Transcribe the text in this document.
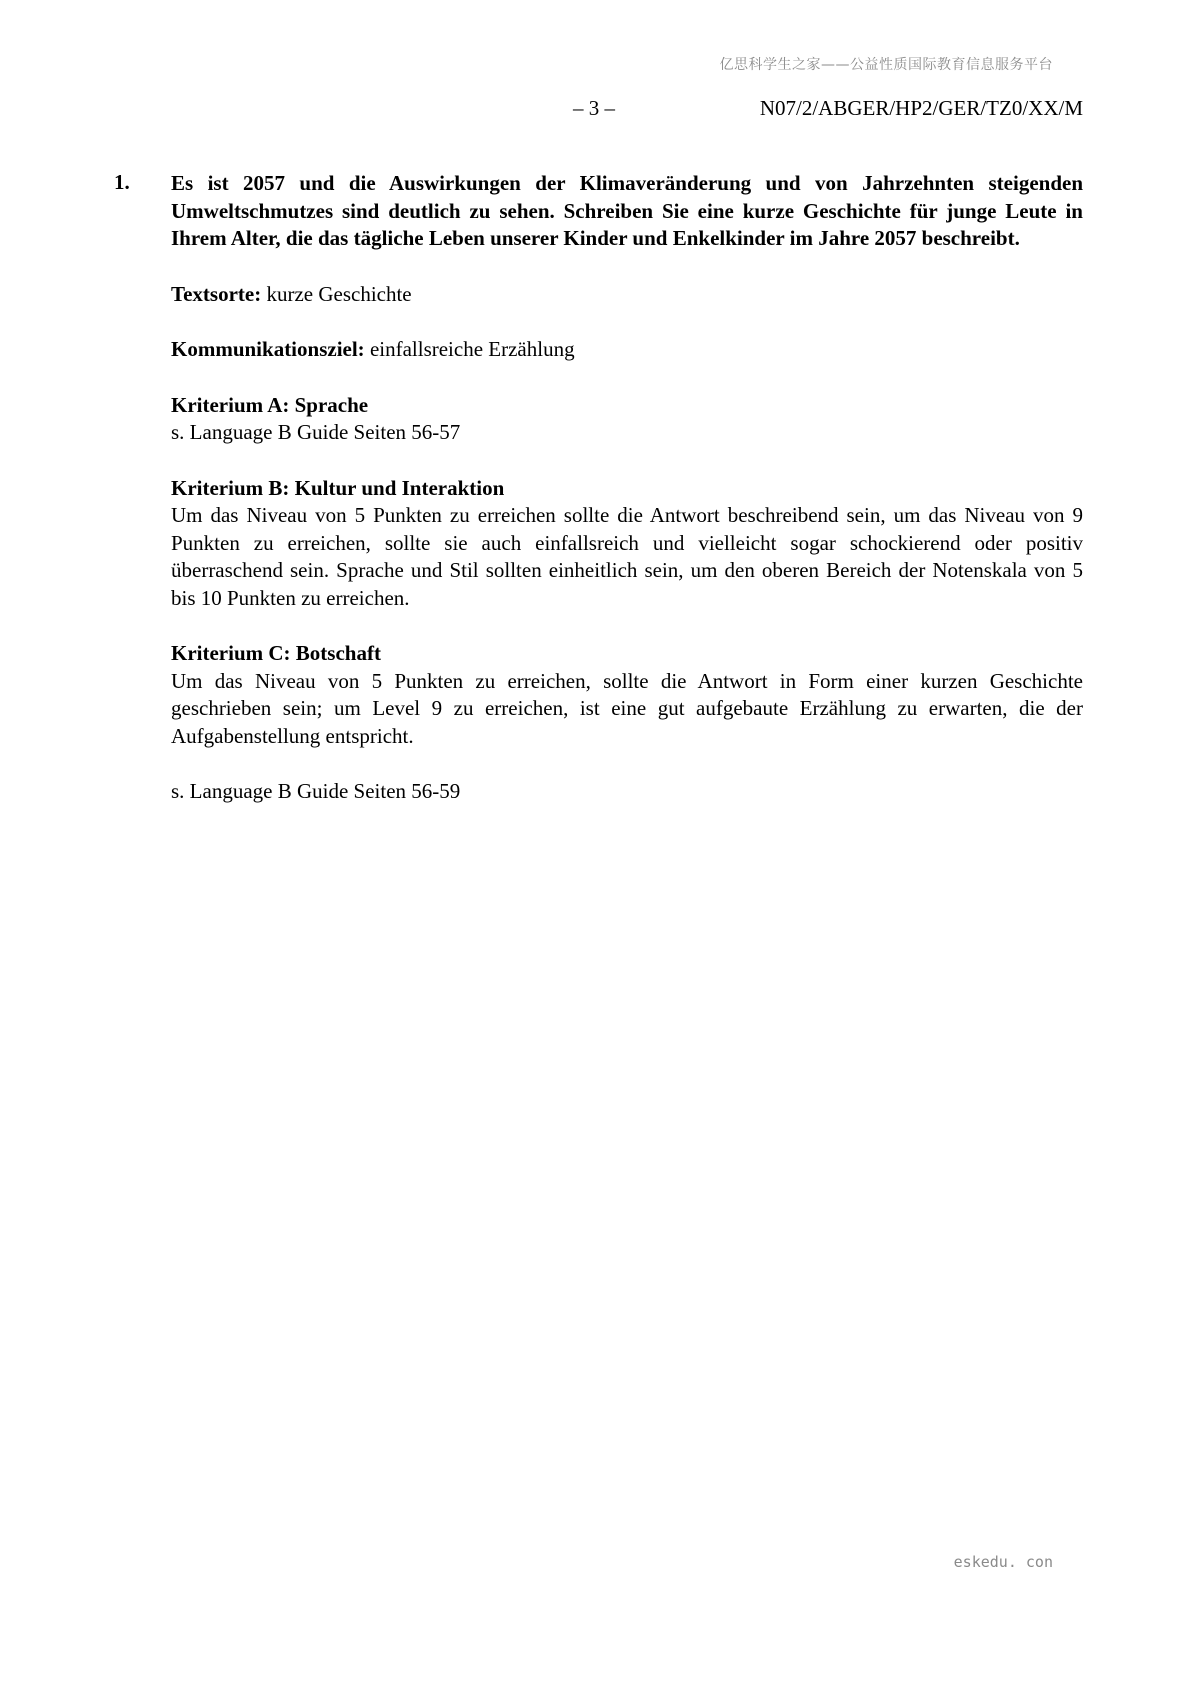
亿思科学生之家——公益性质国际教育信息服务平台
– 3 –	N07/2/ABGER/HP2/GER/TZ0/XX/M
1. Es ist 2057 und die Auswirkungen der Klimaveränderung und von Jahrzehnten steigenden Umweltschmutzes sind deutlich zu sehen. Schreiben Sie eine kurze Geschichte für junge Leute in Ihrem Alter, die das tägliche Leben unserer Kinder und Enkelkinder im Jahre 2057 beschreibt.

Textsorte: kurze Geschichte

Kommunikationsziel: einfallsreiche Erzählung

Kriterium A: Sprache

s. Language B Guide Seiten 56-57

Kriterium B: Kultur und Interaktion

Um das Niveau von 5 Punkten zu erreichen sollte die Antwort beschreibend sein, um das Niveau von 9 Punkten zu erreichen, sollte sie auch einfallsreich und vielleicht sogar schockierend oder positiv überraschend sein. Sprache und Stil sollten einheitlich sein, um den oberen Bereich der Notenskala von 5 bis 10 Punkten zu erreichen.

Kriterium C: Botschaft

Um das Niveau von 5 Punkten zu erreichen, sollte die Antwort in Form einer kurzen Geschichte geschrieben sein; um Level 9 zu erreichen, ist eine gut aufgebaute Erzählung zu erwarten, die der Aufgabenstellung entspricht.

s. Language B Guide Seiten 56-59

eskedu. con
